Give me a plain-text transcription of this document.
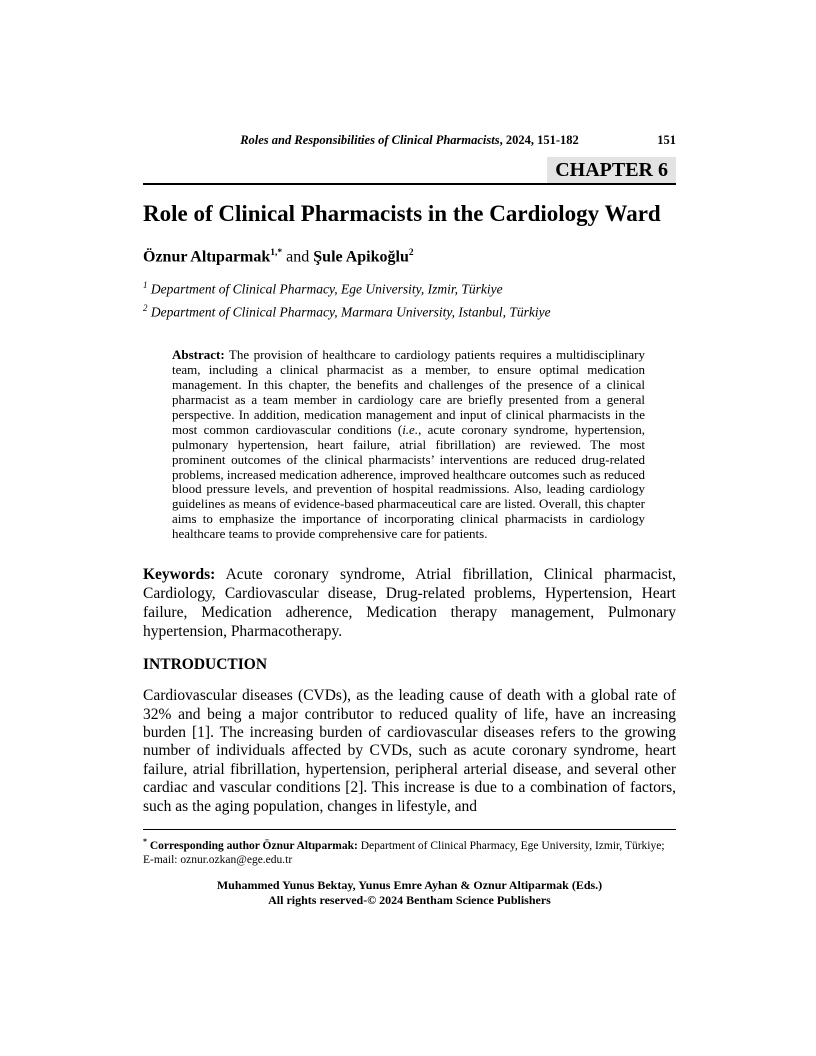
Roles and Responsibilities of Clinical Pharmacists, 2024, 151-182	151
CHAPTER 6
Role of Clinical Pharmacists in the Cardiology Ward
Öznur Altıparmak$^{1,*}$ and Şule Apikoğlu$^2$
$^1$ Department of Clinical Pharmacy, Ege University, Izmir, Türkiye
$^2$ Department of Clinical Pharmacy, Marmara University, Istanbul, Türkiye

Abstract: The provision of healthcare to cardiology patients requires a multidisciplinary team, including a clinical pharmacist as a member, to ensure optimal medication management. In this chapter, the benefits and challenges of the presence of a clinical pharmacist as a team member in cardiology care are briefly presented from a general perspective. In addition, medication management and input of clinical pharmacists in the most common cardiovascular conditions (i.e., acute coronary syndrome, hypertension, pulmonary hypertension, heart failure, atrial fibrillation) are reviewed. The most prominent outcomes of the clinical pharmacists’ interventions are reduced drug-related problems, increased medication adherence, improved healthcare outcomes such as reduced blood pressure levels, and prevention of hospital readmissions. Also, leading cardiology guidelines as means of evidence-based pharmaceutical care are listed. Overall, this chapter aims to emphasize the importance of incorporating clinical pharmacists in cardiology healthcare teams to provide comprehensive care for patients.

Keywords: Acute coronary syndrome, Atrial fibrillation, Clinical pharmacist, Cardiology, Cardiovascular disease, Drug-related problems, Hypertension, Heart failure, Medication adherence, Medication therapy management, Pulmonary hypertension, Pharmacotherapy.

INTRODUCTION

Cardiovascular diseases (CVDs), as the leading cause of death with a global rate of 32% and being a major contributor to reduced quality of life, have an increasing burden [1]. The increasing burden of cardiovascular diseases refers to the growing number of individuals affected by CVDs, such as acute coronary syndrome, heart failure, atrial fibrillation, hypertension, peripheral arterial disease, and several other cardiac and vascular conditions [2]. This increase is due to a combination of factors, such as the aging population, changes in lifestyle, and

* Corresponding author Öznur Altıparmak: Department of Clinical Pharmacy, Ege University, Izmir, Türkiye; E-mail: oznur.ozkan@ege.edu.tr
Muhammed Yunus Bektay, Yunus Emre Ayhan & Oznur Altiparmak (Eds.)
All rights reserved-© 2024 Bentham Science Publishers
